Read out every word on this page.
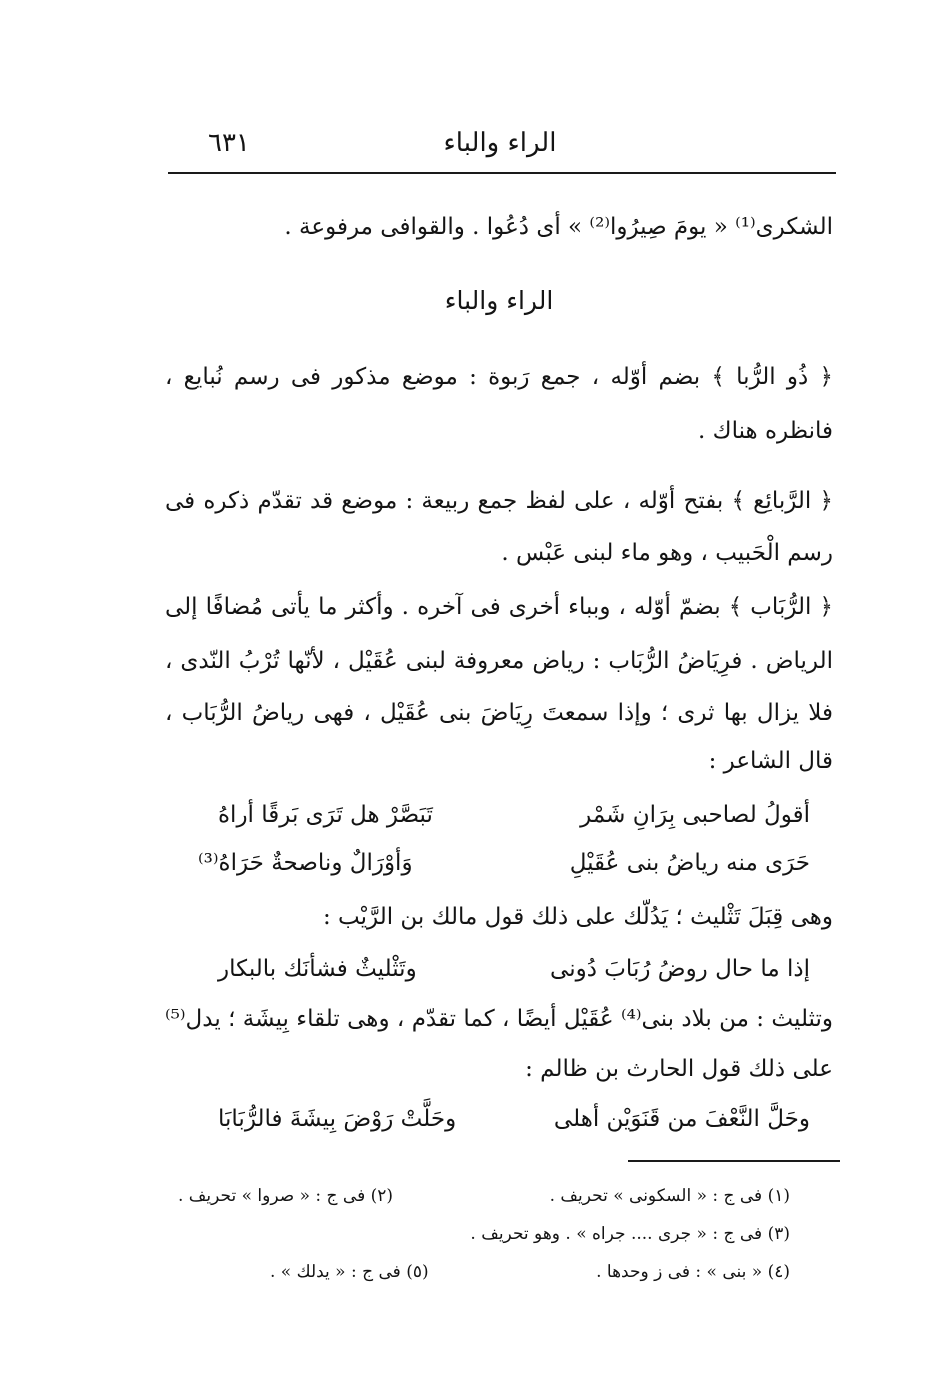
٦٣١	الراء والباء
الشكرى⁽¹⁾ « يومَ صِيرُوا⁽²⁾ » أى دُعُوا . والقوافى مرفوعة .
الراء والباء
﴿ ذُو الرُّبا ﴾ بضم أوّله ، جمع رَبوة : موضع مذكور فى رسم نُبايع ،
فانظره هناك .
﴿ الرَّبائِع ﴾ بفتح أوّله ، على لفظ جمع ربيعة : موضع قد تقدّم ذكره فى
رسم الْحَبيب ، وهو ماء لبنى عَبْس .
﴿ الرُّبَاب ﴾ بضمّ أوّله ، وبباء أخرى فى آخره . وأكثر ما يأتى مُضافًا إلى
الرياض . فرِيَاضُ الرُّبَاب : رياض معروفة لبنى عُقَيْل ، لأنّها تُرْبُ النّدى ،
فلا يزال بها ثرى ؛ وإذا سمعتَ رِيَاضَ بنى عُقَيْل ، فهى رياضُ الرُّبَاب ،
قال الشاعر :
أقولُ لصاحبى بِرَانِ شَمْر
تَبَصَّرْ هل تَرَى بَرقًا أراهُ
حَرَى منه رياضُ بنى عُقَيْلِ
وَأوْرَالٌ وناصحةٌ حَرَاهُ⁽³⁾
وهى قِبَلَ تَثْليث ؛ يَدُلّك على ذلك قول مالك بن الرَّيْب :
إذا ما حال روضُ رُبَابَ دُونى
وتَثْليثٌ فشأنَك بالبكار
وتثليث : من بلاد بنى⁽⁴⁾ عُقَيْل أيضًا ، كما تقدّم ، وهى تلقاء بِيشَة ؛ يدل⁽⁵⁾
على ذلك قول الحارث بن ظالم :
وحَلَّ النَّعْفَ من قَنَوَيْن أهلى
وحَلَّتْ رَوْضَ بِيشَةَ فالرُّبَابَا
(١) فى ج : « السكونى » تحريف .
(٢) فى ج : « صروا » تحريف .
(٣) فى ج : « جرى .... جراه » . وهو تحريف .
(٤) « بنى » : فى ز وحدها .
(٥) فى ج : « يدلك » .
